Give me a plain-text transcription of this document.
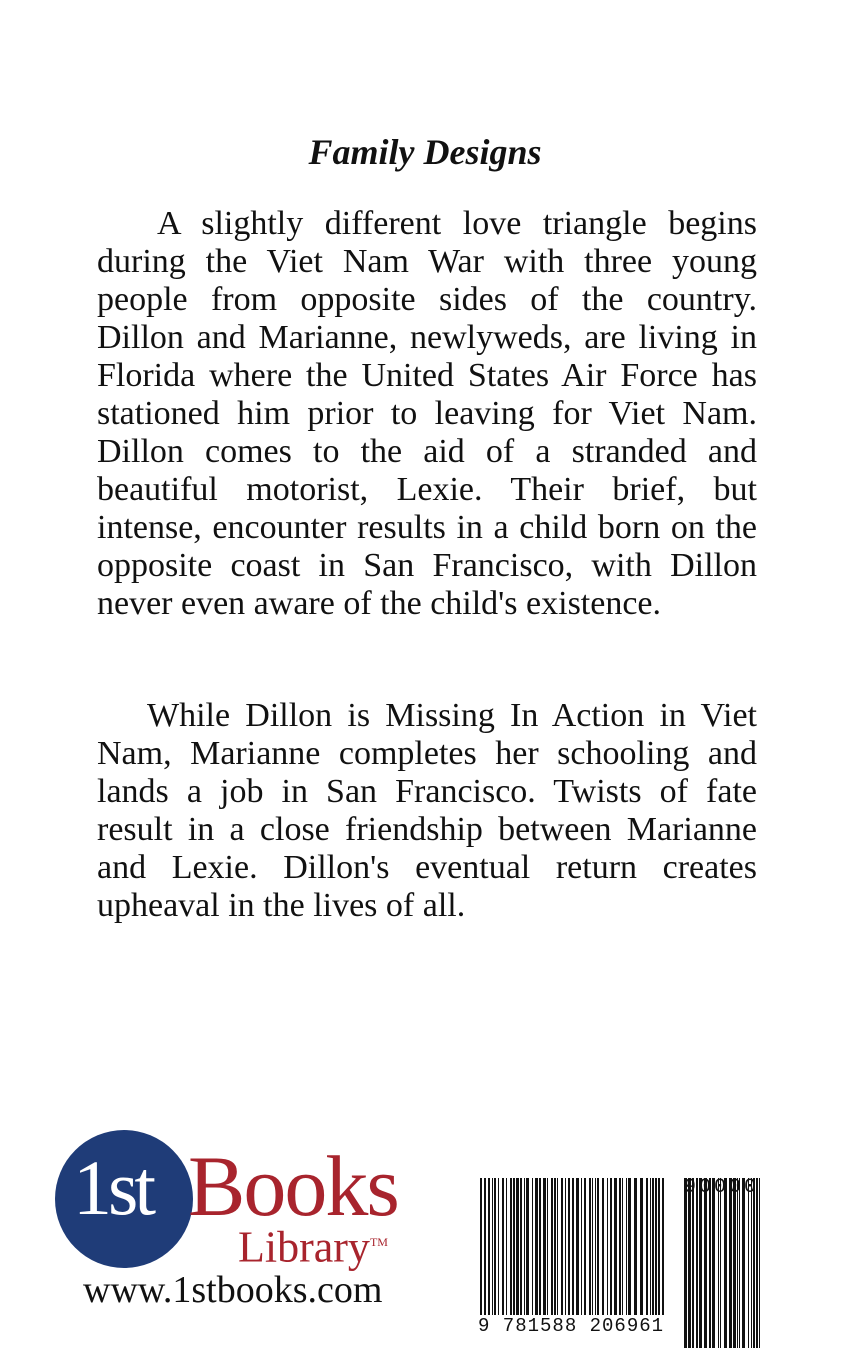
Family Designs

A slightly different love triangle begins during the Viet Nam War with three young people from opposite sides of the country. Dillon and Marianne, newlyweds, are living in Florida where the United States Air Force has stationed him prior to leaving for Viet Nam. Dillon comes to the aid of a stranded and beautiful motorist, Lexie. Their brief, but intense, encounter results in a child born on the opposite coast in San Francisco, with Dillon never even aware of the child's existence.

While Dillon is Missing In Action in Viet Nam, Marianne completes her schooling and lands a job in San Francisco. Twists of fate result in a close friendship between Marianne and Lexie. Dillon's eventual return creates upheaval in the lives of all.

1st Books
Library™
www.1stbooks.com
9 781588 206961
90000
